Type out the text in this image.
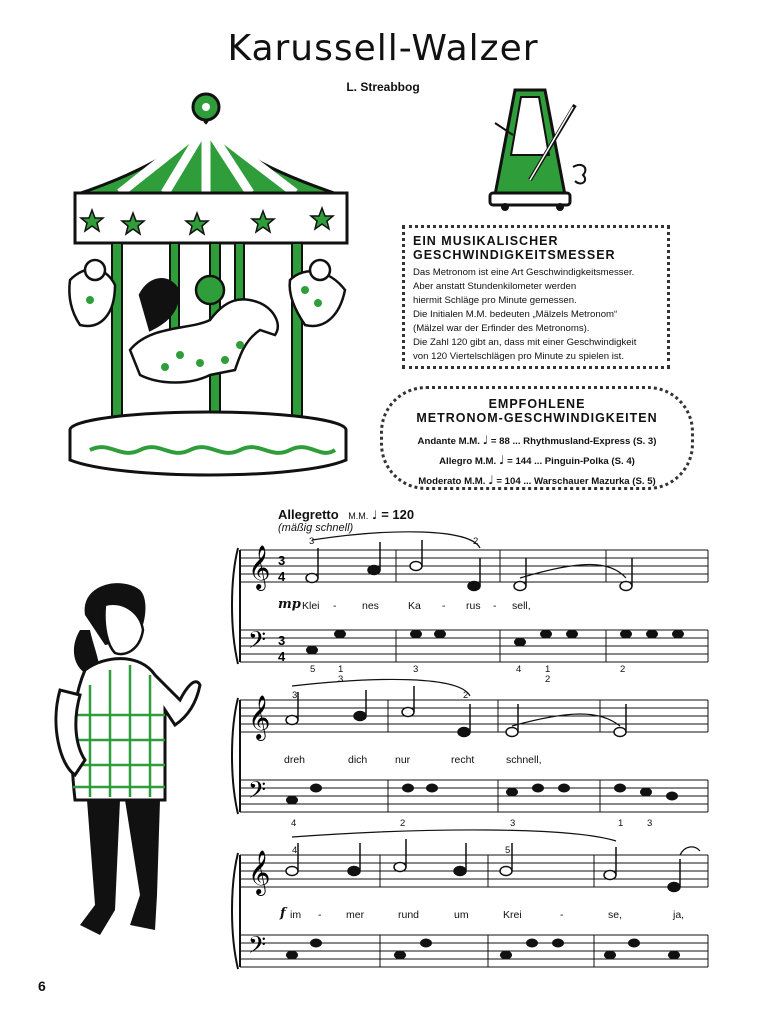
Karussell-Walzer
L. Streabbog
EIN MUSIKALISCHER
GESCHWINDIGKEITSMESSER

Das Metronom ist eine Art Geschwindigkeitsmesser.
Aber anstatt Stundenkilometer werden
hiermit Schläge pro Minute gemessen.
Die Initialen M.M. bedeuten „Mälzels Metronom“
(Mälzel war der Erfinder des Metronoms).
Die Zahl 120 gibt an, dass mit einer Geschwindigkeit
von 120 Viertelschlägen pro Minute zu spielen ist.

EMPFOHLENE
METRONOM-GESCHWINDIGKEITEN
Andante M.M. ♩ = 88 ... Rhythmusland-Express (S. 3)
Allegro M.M. ♩ = 144 ... Pinguin-Polka (S. 4)
Moderato M.M. ♩ = 104 ... Warschauer Mazurka (S. 5)
Allegretto M.M. ♩ = 120
(mäßig schnell)
𝄞
𝄢
3
4
3
4
mp Klei - nes	Ka - rus - sell,
3	2
5 1
3
3	4 1
2
2
𝄞
𝄢
dreh	dich	nur	recht	schnell,
3	2
4	2	3	1 3
𝄞
𝄢
4	5
f im - mer	rund	um	Krei	-	se,	ja,
6
